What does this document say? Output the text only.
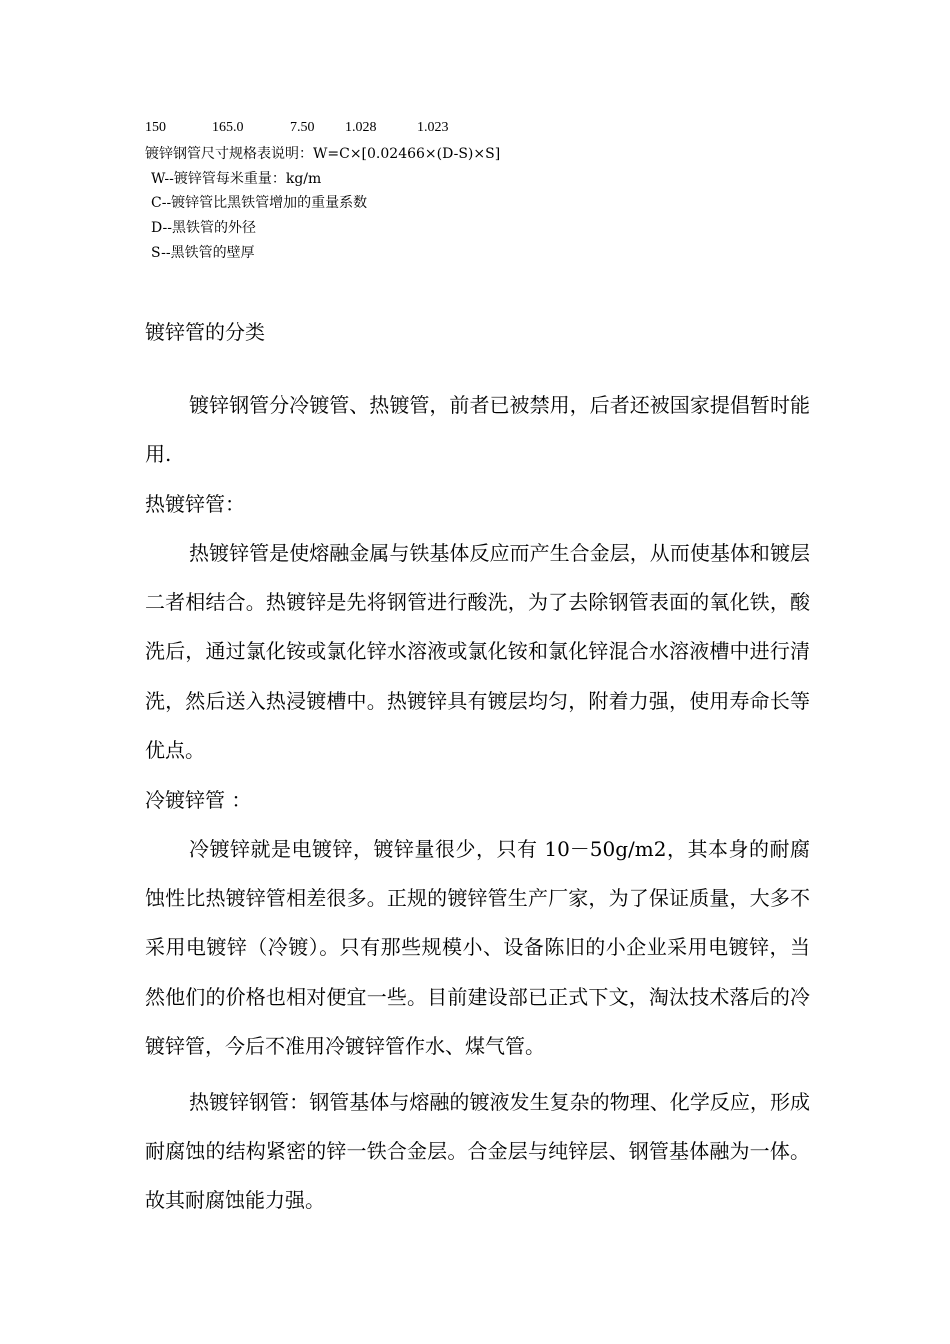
150	165.0	7.50 1.028	1.023
镀锌钢管尺寸规格表说明：W=C×[0.02466×(D-S)×S]
W--镀锌管每米重量：kg/m
C--镀锌管比黑铁管增加的重量系数
D--黑铁管的外径
S--黑铁管的壁厚
镀锌管的分类

镀锌钢管分冷镀管、热镀管，前者已被禁用，后者还被国家提倡暂时能用.

热镀锌管：

热镀锌管是使熔融金属与铁基体反应而产生合金层，从而使基体和镀层二者相结合。热镀锌是先将钢管进行酸洗，为了去除钢管表面的氧化铁，酸洗后，通过氯化铵或氯化锌水溶液或氯化铵和氯化锌混合水溶液槽中进行清洗，然后送入热浸镀槽中。热镀锌具有镀层均匀，附着力强，使用寿命长等优点。

冷镀锌管 ：

冷镀锌就是电镀锌，镀锌量很少，只有 10－50g/m2，其本身的耐腐蚀性比热镀锌管相差很多。正规的镀锌管生产厂家，为了保证质量，大多不采用电镀锌（冷镀）。只有那些规模小、设备陈旧的小企业采用电镀锌，当然他们的价格也相对便宜一些。目前建设部已正式下文，淘汰技术落后的冷镀锌管，今后不准用冷镀锌管作水、煤气管。

热镀锌钢管：钢管基体与熔融的镀液发生复杂的物理、化学反应，形成耐腐蚀的结构紧密的锌一铁合金层。合金层与纯锌层、钢管基体融为一体。故其耐腐蚀能力强。
